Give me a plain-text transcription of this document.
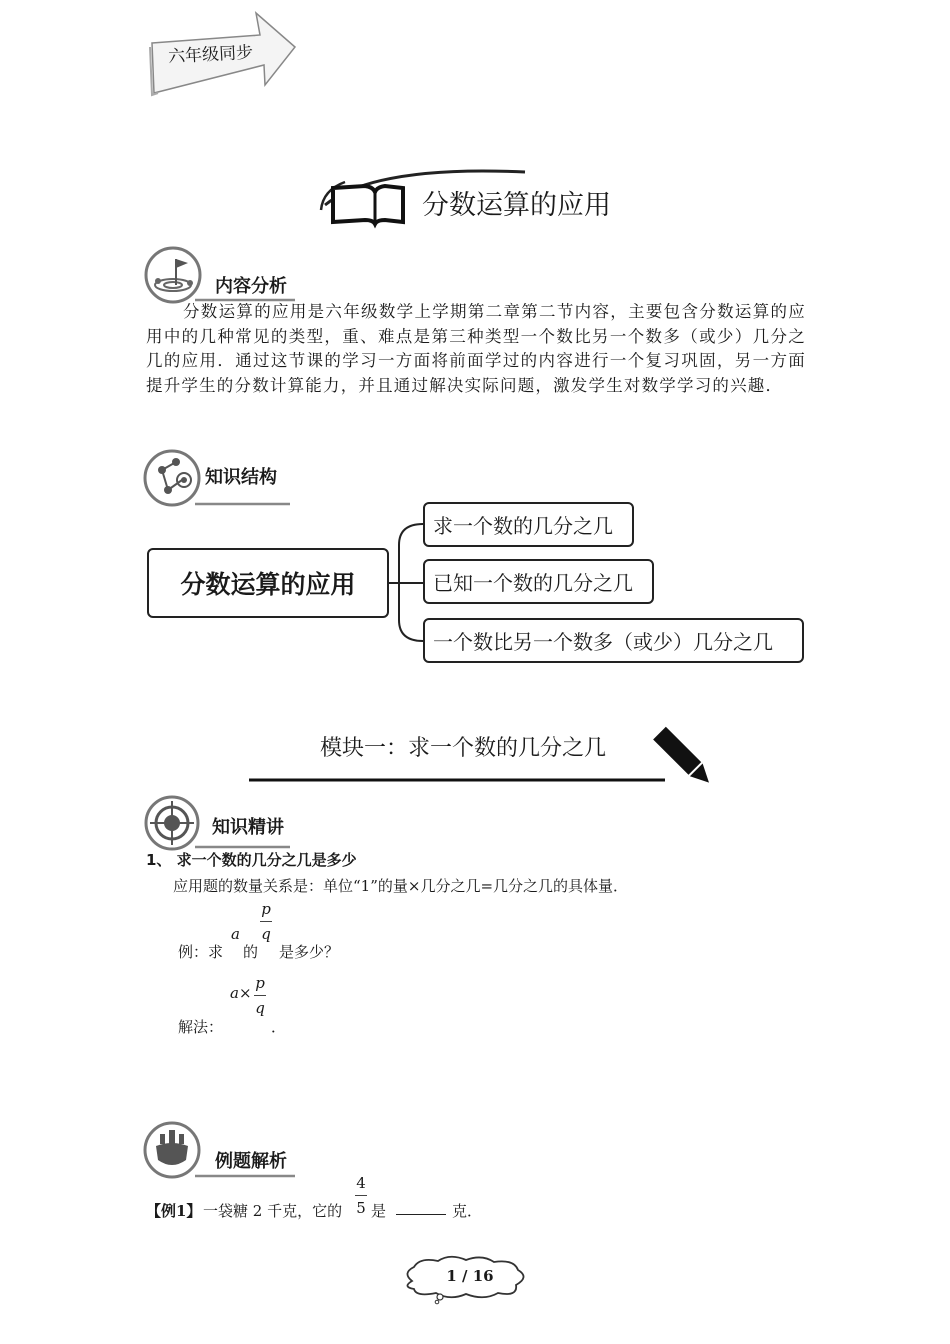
六年级同步
分数运算的应用
内容分析
分数运算的应用是六年级数学上学期第二章第二节内容，主要包含分数运算的应用中的几种常见的类型，重、难点是第三种类型一个数比另一个数多（或少）几分之几的应用．通过这节课的学习一方面将前面学过的内容进行一个复习巩固，另一方面提升学生的分数计算能力，并且通过解决实际问题，激发学生对数学学习的兴趣．
知识结构
分数运算的应用
求一个数的几分之几
已知一个数的几分之几
一个数比另一个数多（或少）几分之几
模块一：求一个数的几分之几
知识精讲
1、 求一个数的几分之几是多少
应用题的数量关系是：单位“1”的量×几分之几=几分之几的具体量．
例：求
a
的
p
q
是多少？
解法：
a×
p
q
．
例题解析
【例1】 一袋糖 2 千克，它的
4
5 是	克．
1 / 16
